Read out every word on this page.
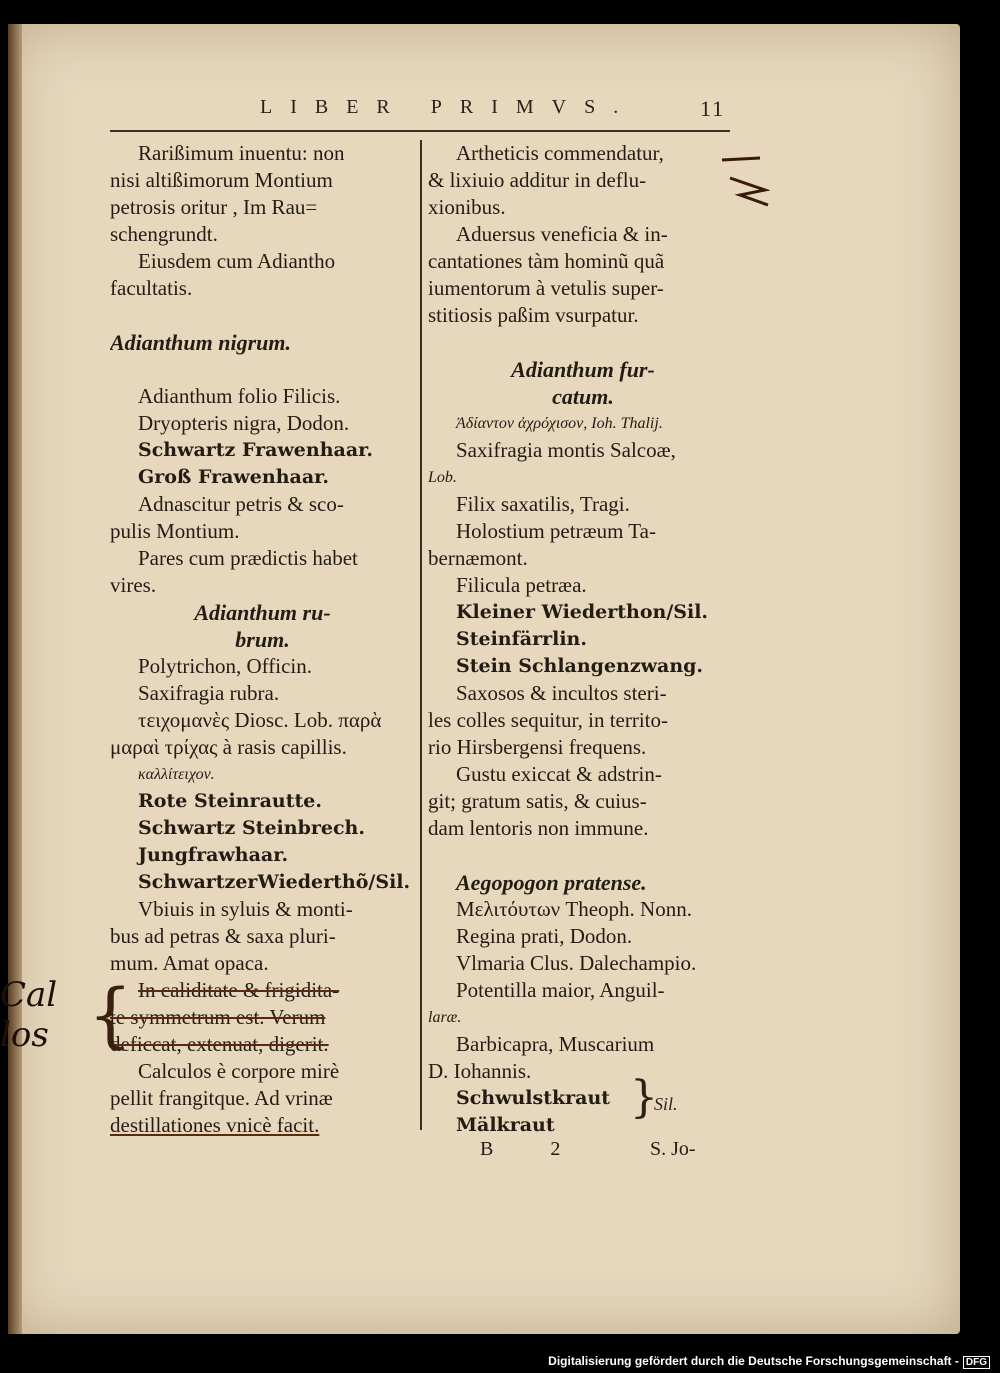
LIBER PRIMVS.	11
Rarißimum inuentu: non
nisi altißimorum Montium
petrosis oritur , Im Rau=
schengrundt.
Eiusdem cum Adiantho
facultatis.
Adianthum nigrum.
Adianthum folio Filicis.
Dryopteris nigra, Dodon.
Schwartz Frawenhaar.
Groß Frawenhaar.
Adnascitur petris & sco-
pulis Montium.
Pares cum prædictis habet
vires.
Adianthum ru-
brum.
Polytrichon, Officin.
Saxifragia rubra.
τειχομανὲς Diosc. Lob. παρὰ
μαραὶ τρίχας à rasis capillis.
καλλίτειχον.
Rote Steinrautte.
Schwartz Steinbrech.
Jungfrawhaar.
SchwartzerWiederthõ/Sil.
Vbiuis in syluis & monti-
bus ad petras & saxa pluri-
mum. Amat opaca.
In caliditate & frigidita-
te symmetrum est. Verum
deficcat, extenuat, digerit.
Calculos è corpore mirè
pellit frangitque. Ad vrinæ
destillationes vnicè facit.
Artheticis commendatur,
& lixiuio additur in deflu-
xionibus.
Aduersus veneficia & in-
cantationes tàm hominũ quã
iumentorum à vetulis super-
stitiosis paßim vsurpatur.
Adianthum fur-
catum.
Ἀδίαντον ἀχρόχισον, Ioh. Thalij.
Saxifragia montis Salcoæ,
Lob.
Filix saxatilis, Tragi.
Holostium petræum Ta-
bernæmont.
Filicula petræa.
Kleiner Wiederthon/Sil.
Steinfärrlin.
Stein Schlangenzwang.
Saxosos & incultos steri-
les colles sequitur, in territo-
rio Hirsbergensi frequens.
Gustu exiccat & adstrin-
git; gratum satis, & cuius-
dam lentoris non immune.
Aegopogon pratense.
Μελιτόυτων Theoph. Nonn.
Regina prati, Dodon.
Vlmaria Clus. Dalechampio.
Potentilla maior, Anguil-
laræ.
Barbicapra, Muscarium
D. Iohannis.
Schwulstkraut
Mälkraut
}
Sil.
B 2	S. Jo-
Cal
los {
Digitalisierung gefördert durch die Deutsche Forschungsgemeinschaft - DFG
